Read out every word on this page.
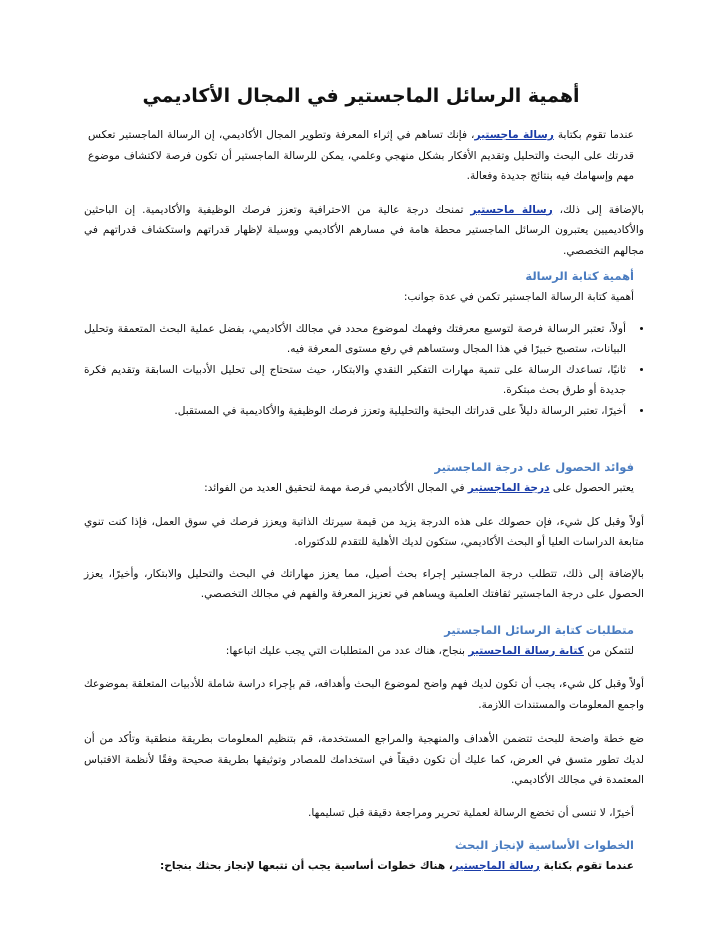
أهمية الرسائل الماجستير في المجال الأكاديمي

عندما تقوم بكتابة رسالة ماجستير، فإنك تساهم في إثراء المعرفة وتطوير المجال الأكاديمي، إن الرسالة الماجستير تعكس قدرتك على البحث والتحليل وتقديم الأفكار بشكل منهجي وعلمي، يمكن للرسالة الماجستير أن تكون فرصة لاكتشاف موضوع مهم وإسهامك فيه بنتائج جديدة وفعالة.

بالإضافة إلى ذلك، رسالة ماجستير تمنحك درجة عالية من الاحترافية وتعزز فرصك الوظيفية والأكاديمية. إن الباحثين والأكاديميين يعتبرون الرسائل الماجستير محطة هامة في مسارهم الأكاديمي ووسيلة لإظهار قدراتهم واستكشاف قدراتهم في مجالهم التخصصي.

أهمية كتابة الرسالة

أهمية كتابة الرسالة الماجستير تكمن في عدة جوانب:

• أولاً، تعتبر الرسالة فرصة لتوسيع معرفتك وفهمك لموضوع محدد في مجالك الأكاديمي، بفضل عملية البحث المتعمقة وتحليل البيانات، ستصبح خبيرًا في هذا المجال وستساهم في رفع مستوى المعرفة فيه.
• ثانيًا، تساعدك الرسالة على تنمية مهارات التفكير النقدي والابتكار، حيث ستحتاج إلى تحليل الأدبيات السابقة وتقديم فكرة جديدة أو طرق بحث مبتكرة.
• أخيرًا، تعتبر الرسالة دليلاً على قدراتك البحثية والتحليلية وتعزز فرصك الوظيفية والأكاديمية في المستقبل.
فوائد الحصول على درجة الماجستير

يعتبر الحصول على درجة الماجستير في المجال الأكاديمي فرصة مهمة لتحقيق العديد من الفوائد:

أولاً وقبل كل شيء، فإن حصولك على هذه الدرجة يزيد من قيمة سيرتك الذاتية ويعزز فرصك في سوق العمل، فإذا كنت تنوي متابعة الدراسات العليا أو البحث الأكاديمي، ستكون لديك الأهلية للتقدم للدكتوراه.

بالإضافة إلى ذلك، تتطلب درجة الماجستير إجراء بحث أصيل، مما يعزز مهاراتك في البحث والتحليل والابتكار، وأخيرًا، يعزز الحصول على درجة الماجستير ثقافتك العلمية ويساهم في تعزيز المعرفة والفهم في مجالك التخصصي.

متطلبات كتابة الرسائل الماجستير

لتتمكن من كتابة رسالة الماجستير بنجاح، هناك عدد من المتطلبات التي يجب عليك اتباعها:

أولاً وقبل كل شيء، يجب أن تكون لديك فهم واضح لموضوع البحث وأهدافه، قم بإجراء دراسة شاملة للأدبيات المتعلقة بموضوعك واجمع المعلومات والمستندات اللازمة.

ضع خطة واضحة للبحث تتضمن الأهداف والمنهجية والمراجع المستخدمة، قم بتنظيم المعلومات بطريقة منطقية وتأكد من أن لديك تطور متسق في العرض، كما عليك أن تكون دقيقاً في استخدامك للمصادر وتوثيقها بطريقة صحيحة وفقًا لأنظمة الاقتباس المعتمدة في مجالك الأكاديمي.

أخيرًا، لا تنسى أن تخضع الرسالة لعملية تحرير ومراجعة دقيقة قبل تسليمها.

الخطوات الأساسية لإنجاز البحث

عندما تقوم بكتابة رسالة الماجستير، هناك خطوات أساسية يجب أن تتبعها لإنجاز بحثك بنجاح:
